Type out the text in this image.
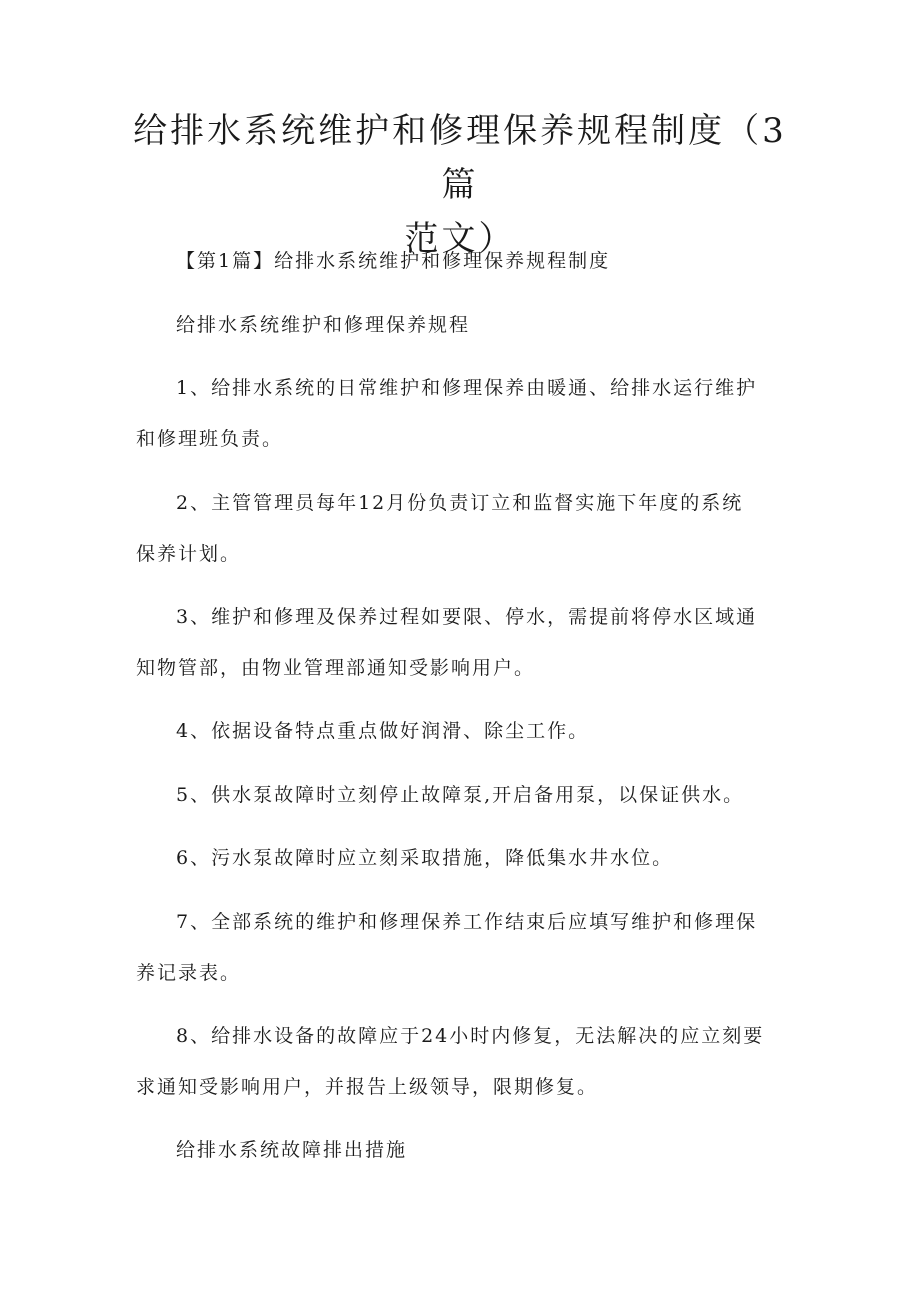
给排水系统维护和修理保养规程制度（3篇
范文）

【第1篇】给排水系统维护和修理保养规程制度

给排水系统维护和修理保养规程

1、给排水系统的日常维护和修理保养由暖通、给排水运行维护

和修理班负责。

2、主管管理员每年12月份负责订立和监督实施下年度的系统

保养计划。

3、维护和修理及保养过程如要限、停水，需提前将停水区域通

知物管部，由物业管理部通知受影响用户。

4、依据设备特点重点做好润滑、除尘工作。

5、供水泵故障时立刻停止故障泵,开启备用泵，以保证供水。

6、污水泵故障时应立刻采取措施，降低集水井水位。

7、全部系统的维护和修理保养工作结束后应填写维护和修理保

养记录表。

8、给排水设备的故障应于24小时内修复，无法解决的应立刻要

求通知受影响用户，并报告上级领导，限期修复。

给排水系统故障排出措施
